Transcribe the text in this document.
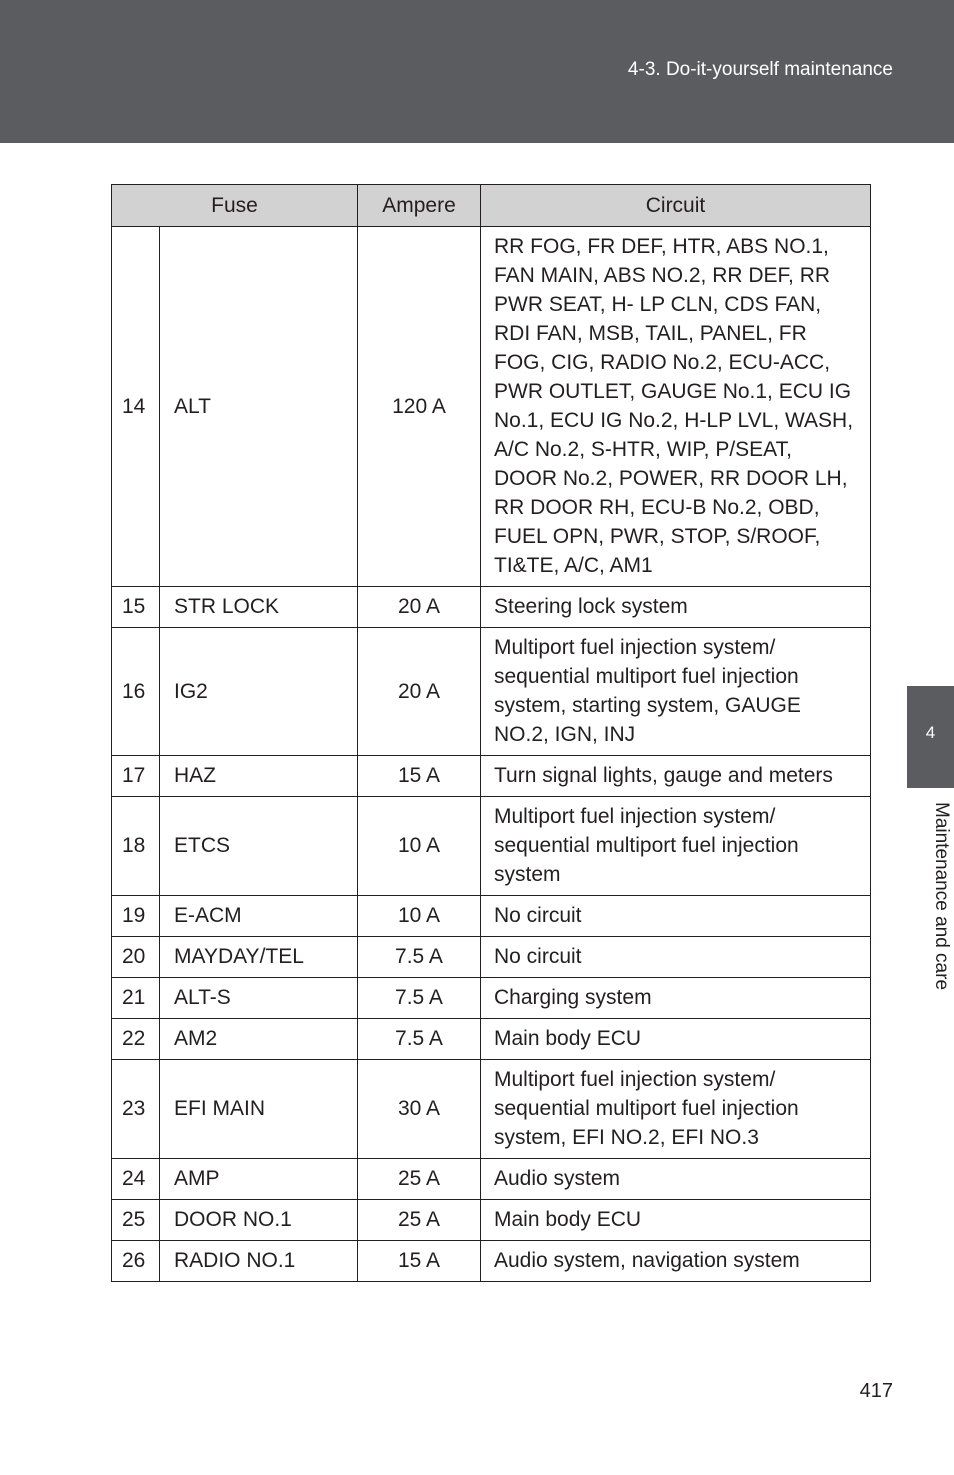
4-3. Do-it-yourself maintenance
Fuse		Ampere	Circuit
14	ALT	120 A	RR FOG, FR DEF, HTR, ABS NO.1, FAN MAIN, ABS NO.2, RR DEF, RR PWR SEAT, H- LP CLN, CDS FAN, RDI FAN, MSB, TAIL, PANEL, FR FOG, CIG, RADIO No.2, ECU-ACC, PWR OUTLET, GAUGE No.1, ECU IG No.1, ECU IG No.2, H-LP LVL, WASH, A/C No.2, S-HTR, WIP, P/SEAT, DOOR No.2, POWER, RR DOOR LH, RR DOOR RH, ECU-B No.2, OBD, FUEL OPN, PWR, STOP, S/ROOF, TI&TE, A/C, AM1
15	STR LOCK	20 A	Steering lock system
16	IG2	20 A	Multiport fuel injection system/ sequential multiport fuel injection system, starting system, GAUGE NO.2, IGN, INJ
17	HAZ	15 A	Turn signal lights, gauge and meters
18	ETCS	10 A	Multiport fuel injection system/ sequential multiport fuel injection system
19	E-ACM	10 A	No circuit
20	MAYDAY/TEL	7.5 A	No circuit
21	ALT-S	7.5 A	Charging system
22	AM2	7.5 A	Main body ECU
23	EFI MAIN	30 A	Multiport fuel injection system/ sequential multiport fuel injection system, EFI NO.2, EFI NO.3
24	AMP	25 A	Audio system
25	DOOR NO.1	25 A	Main body ECU
26	RADIO NO.1	15 A	Audio system, navigation system
4
Maintenance and care
417
